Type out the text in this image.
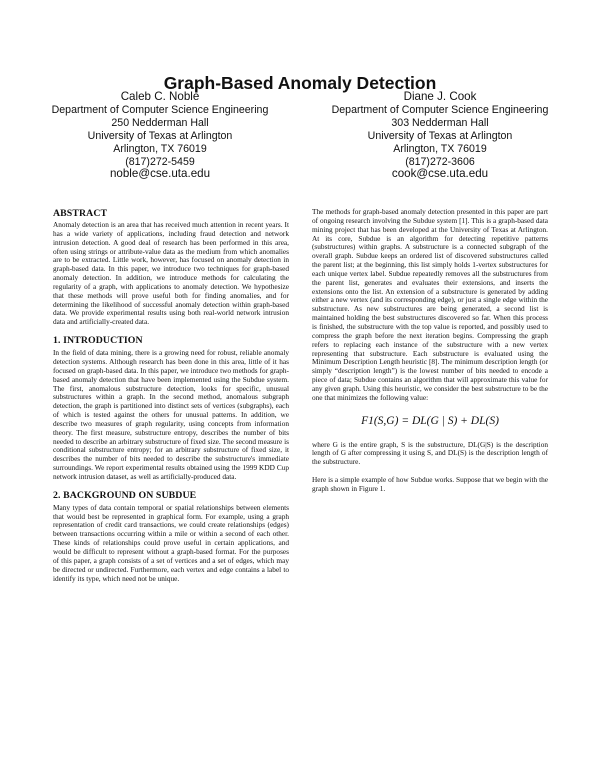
Graph-Based Anomaly Detection
Caleb C. Noble
Department of Computer Science Engineering
250 Nedderman Hall
University of Texas at Arlington
Arlington, TX 76019
(817)272-5459
noble@cse.uta.edu
Diane J. Cook
Department of Computer Science Engineering
303 Nedderman Hall
University of Texas at Arlington
Arlington, TX 76019
(817)272-3606
cook@cse.uta.edu
ABSTRACT

Anomaly detection is an area that has received much attention in recent years. It has a wide variety of applications, including fraud detection and network intrusion detection. A good deal of research has been performed in this area, often using strings or attribute-value data as the medium from which anomalies are to be extracted. Little work, however, has focused on anomaly detection in graph-based data. In this paper, we introduce two techniques for graph-based anomaly detection. In addition, we introduce methods for calculating the regularity of a graph, with applications to anomaly detection. We hypothesize that these methods will prove useful both for finding anomalies, and for determining the likelihood of successful anomaly detection within graph-based data. We provide experimental results using both real-world network intrusion data and artificially-created data.

1. INTRODUCTION

In the field of data mining, there is a growing need for robust, reliable anomaly detection systems. Although research has been done in this area, little of it has focused on graph-based data. In this paper, we introduce two methods for graph-based anomaly detection that have been implemented using the Subdue system. The first, anomalous substructure detection, looks for specific, unusual substructures within a graph. In the second method, anomalous subgraph detection, the graph is partitioned into distinct sets of vertices (subgraphs), each of which is tested against the others for unusual patterns. In addition, we describe two measures of graph regularity, using concepts from information theory. The first measure, substructure entropy, describes the number of bits needed to describe an arbitrary substructure of fixed size. The second measure is conditional substructure entropy; for an arbitrary substructure of fixed size, it describes the number of bits needed to describe the substructure's immediate surroundings. We report experimental results obtained using the 1999 KDD Cup network intrusion dataset, as well as artificially-produced data.

2. BACKGROUND ON SUBDUE

Many types of data contain temporal or spatial relationships between elements that would best be represented in graphical form. For example, using a graph representation of credit card transactions, we could create relationships (edges) between transactions occurring within a mile or within a second of each other. These kinds of relationships could prove useful in certain applications, and would be difficult to represent without a graph-based format. For the purposes of this paper, a graph consists of a set of vertices and a set of edges, which may be directed or undirected. Furthermore, each vertex and edge contains a label to identify its type, which need not be unique.

The methods for graph-based anomaly detection presented in this paper are part of ongoing research involving the Subdue system [1]. This is a graph-based data mining project that has been developed at the University of Texas at Arlington. At its core, Subdue is an algorithm for detecting repetitive patterns (substructures) within graphs. A substructure is a connected subgraph of the overall graph. Subdue keeps an ordered list of discovered substructures called the parent list; at the beginning, this list simply holds 1-vertex substructures for each unique vertex label. Subdue repeatedly removes all the substructures from the parent list, generates and evaluates their extensions, and inserts the extensions onto the list. An extension of a substructure is generated by adding either a new vertex (and its corresponding edge), or just a single edge within the substructure. As new substructures are being generated, a second list is maintained holding the best substructures discovered so far. When this process is finished, the substructure with the top value is reported, and possibly used to compress the graph before the next iteration begins. Compressing the graph refers to replacing each instance of the substructure with a new vertex representing that substructure. Each substructure is evaluated using the Minimum Description Length heuristic [8]. The minimum description length (or simply “description length”) is the lowest number of bits needed to encode a piece of data; Subdue contains an algorithm that will approximate this value for any given graph. Using this heuristic, we consider the best substructure to be the one that minimizes the following value:

F1(S,G) = DL(G | S) + DL(S)

where G is the entire graph, S is the substructure, DL(G|S) is the description length of G after compressing it using S, and DL(S) is the description length of the substructure.

Here is a simple example of how Subdue works. Suppose that we begin with the graph shown in Figure 1.
